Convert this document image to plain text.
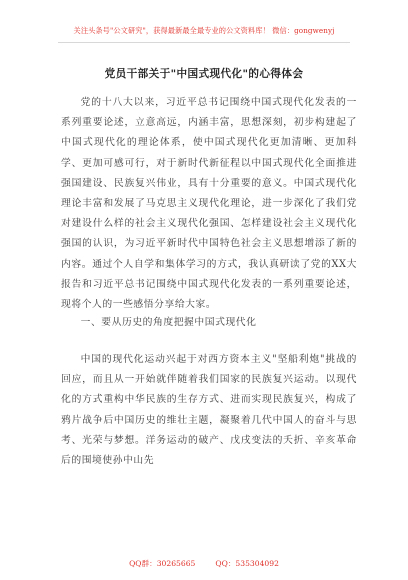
关注头条号"公文研究"，获得最新最全最专业的公文资料库！ 微信：gongwenyj
党员干部关于"中国式现代化"的心得体会
党的十八大以来，习近平总书记围绕中国式现代化发表的一系列重要论述，立意高远，内涵丰富，思想深刻，初步构建起了中国式现代化的理论体系，使中国式现代化更加清晰、更加科学、更加可感可行，对于新时代新征程以中国式现代化全面推进强国建设、民族复兴伟业，具有十分重要的意义。中国式现代化理论丰富和发展了马克思主义现代化理论，进一步深化了我们党对建设什么样的社会主义现代化强国、怎样建设社会主义现代化强国的认识，为习近平新时代中国特色社会主义思想增添了新的内容。通过个人自学和集体学习的方式，我认真研读了党的XX大报告和习近平总书记围绕中国式现代化发表的一系列重要论述，现将个人的一些感悟分享给大家。
一、要从历史的角度把握中国式现代化
中国的现代化运动兴起于对西方资本主义"坚船利炮"挑战的回应，而且从一开始就伴随着我们国家的民族复兴运动。以现代化的方式重构中华民族的生存方式、进而实现民族复兴，构成了鸦片战争后中国历史的维壮主题，凝聚着几代中国人的奋斗与思考、光荣与梦想。洋务运动的破产、戊戌变法的夭折、辛亥革命后的围境使孙中山先
QQ群：30265665	QQ：535304092
